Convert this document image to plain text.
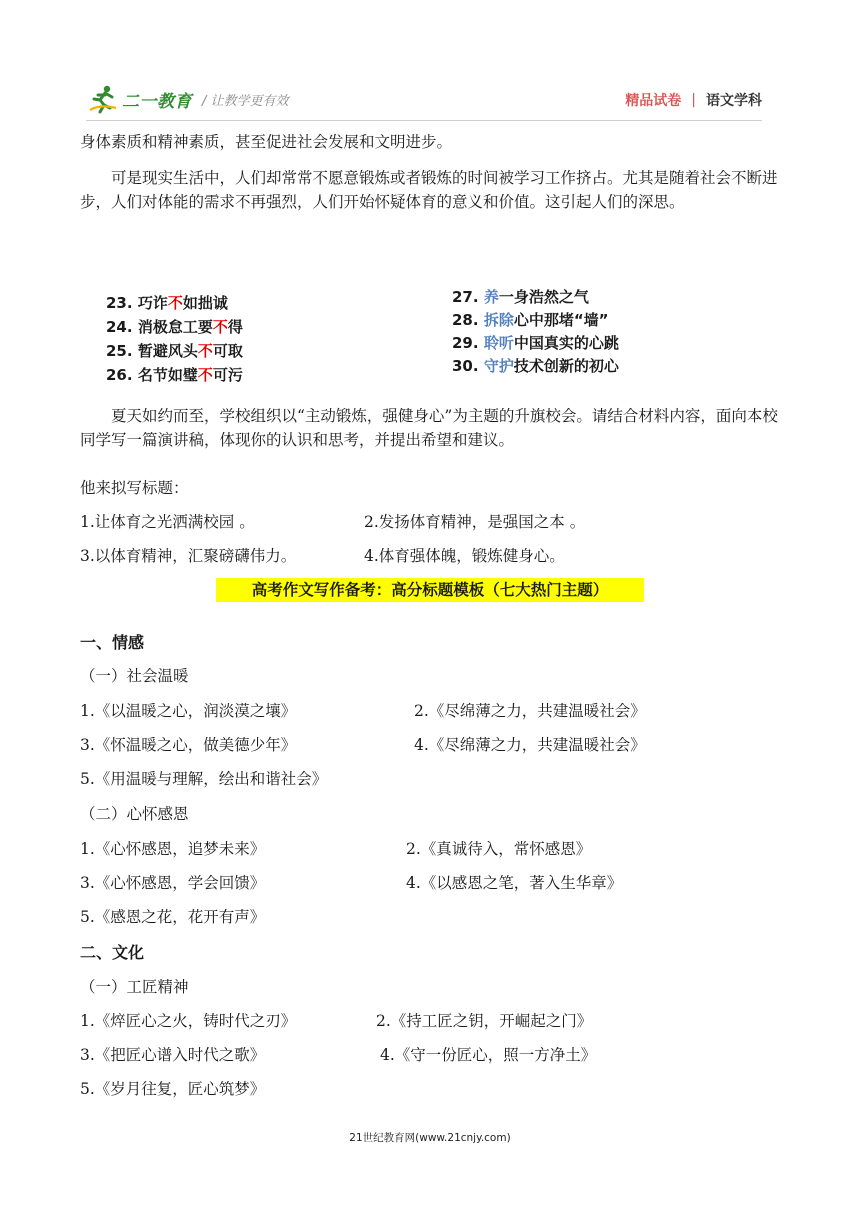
二一教育 / 让教学更有效	精品试卷 | 语文学科
身体素质和精神素质，甚至促进社会发展和文明进步。
可是现实生活中，人们却常常不愿意锻炼或者锻炼的时间被学习工作挤占。尤其是随着社会不断进步，人们对体能的需求不再强烈，人们开始怀疑体育的意义和价值。这引起人们的深思。
23. 巧诈不如拙诚
24. 消极怠工要不得
25. 暂避风头不可取
26. 名节如璧不可污
27. 养一身浩然之气
28. 拆除心中那堵“墙”
29. 聆听中国真实的心跳
30. 守护技术创新的初心
夏天如约而至，学校组织以“主动锻炼，强健身心”为主题的升旗校会。请结合材料内容，面向本校同学写一篇演讲稿，体现你的认识和思考，并提出希望和建议。
他来拟写标题：
1.让体育之光洒满校园 。	2.发扬体育精神，是强国之本 。
3.以体育精神，汇聚磅礴伟力。	4.体育强体魄，锻炼健身心。
高考作文写作备考：高分标题模板（七大热门主题）
一、情感
（一）社会温暖
1.《以温暖之心，润淡漠之壤》	2.《尽绵薄之力，共建温暖社会》
3.《怀温暖之心，做美德少年》	4.《尽绵薄之力，共建温暖社会》
5.《用温暖与理解，绘出和谐社会》
（二）心怀感恩
1.《心怀感恩，追梦未来》	2.《真诚待入，常怀感恩》
3.《心怀感恩，学会回馈》	4.《以感恩之笔，著入生华章》
5.《感恩之花，花开有声》
二、文化
（一）工匠精神
1.《焠匠心之火，铸时代之刃》	2.《持工匠之钥，开崛起之门》
3.《把匠心谱入时代之歌》	4.《守一份匠心，照一方净土》
5.《岁月往复，匠心筑梦》
21世纪教育网(www.21cnjy.com)
